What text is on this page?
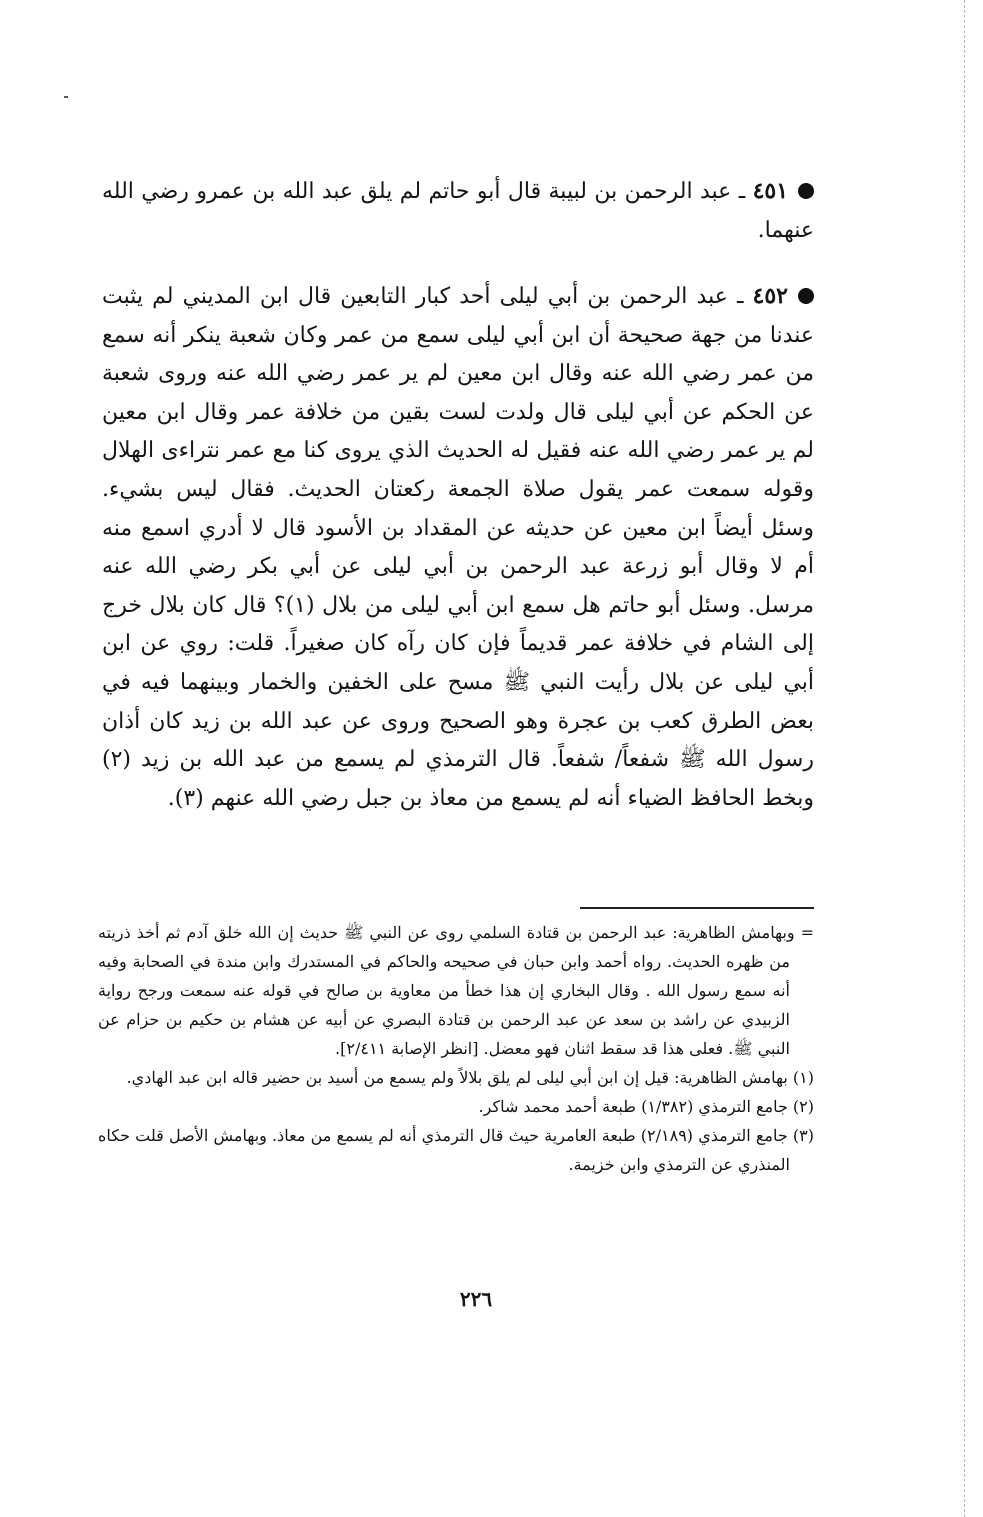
٤٥١ ـ عبد الرحمن بن لبيبة قال أبو حاتم لم يلق عبد الله بن عمرو رضي الله عنهما.

٤٥٢ ـ عبد الرحمن بن أبي ليلى أحد كبار التابعين قال ابن المديني لم يثبت عندنا من جهة صحيحة أن ابن أبي ليلى سمع من عمر وكان شعبة ينكر أنه سمع من عمر رضي الله عنه وقال ابن معين لم ير عمر رضي الله عنه وروى شعبة عن الحكم عن أبي ليلى قال ولدت لست بقين من خلافة عمر وقال ابن معين لم ير عمر رضي الله عنه فقيل له الحديث الذي يروى كنا مع عمر نتراءى الهلال وقوله سمعت عمر يقول صلاة الجمعة ركعتان الحديث. فقال ليس بشيء. وسئل أيضاً ابن معين عن حديثه عن المقداد بن الأسود قال لا أدري اسمع منه أم لا وقال أبو زرعة عبد الرحمن بن أبي ليلى عن أبي بكر رضي الله عنه مرسل. وسئل أبو حاتم هل سمع ابن أبي ليلى من بلال (١)؟ قال كان بلال خرج إلى الشام في خلافة عمر قديماً فإن كان رآه كان صغيراً. قلت: روي عن ابن أبي ليلى عن بلال رأيت النبي ﷺ مسح على الخفين والخمار وبينهما فيه في بعض الطرق كعب بن عجرة وهو الصحيح وروى عن عبد الله بن زيد كان أذان رسول الله ﷺ شفعاً/ شفعاً. قال الترمذي لم يسمع من عبد الله بن زيد (٢) وبخط الحافظ الضياء أنه لم يسمع من معاذ بن جبل رضي الله عنهم (٣).

= وبهامش الظاهرية: عبد الرحمن بن قتادة السلمي روى عن النبي ﷺ حديث إن الله خلق آدم ثم أخذ ذريته من ظهره الحديث. رواه أحمد وابن حبان في صحيحه والحاكم في المستدرك وابن مندة في الصحابة وفيه أنه سمع رسول الله . وقال البخاري إن هذا خطأ من معاوية بن صالح في قوله عنه سمعت ورجح رواية الزبيدي عن راشد بن سعد عن عبد الرحمن بن قتادة البصري عن أبيه عن هشام بن حكيم بن حزام عن النبي ﷺ. فعلى هذا قد سقط اثنان فهو معضل. [انظر الإصابة ٢/٤١١].

(١) بهامش الظاهرية: قيل إن ابن أبي ليلى لم يلق بلالاً ولم يسمع من أسيد بن حضير قاله ابن عبد الهادي.

(٢) جامع الترمذي (١/٣٨٢) طبعة أحمد محمد شاكر.

(٣) جامع الترمذي (٢/١٨٩) طبعة العامرية حيث قال الترمذي أنه لم يسمع من معاذ. وبهامش الأصل قلت حكاه المنذري عن الترمذي وابن خزيمة.

٢٢٦
